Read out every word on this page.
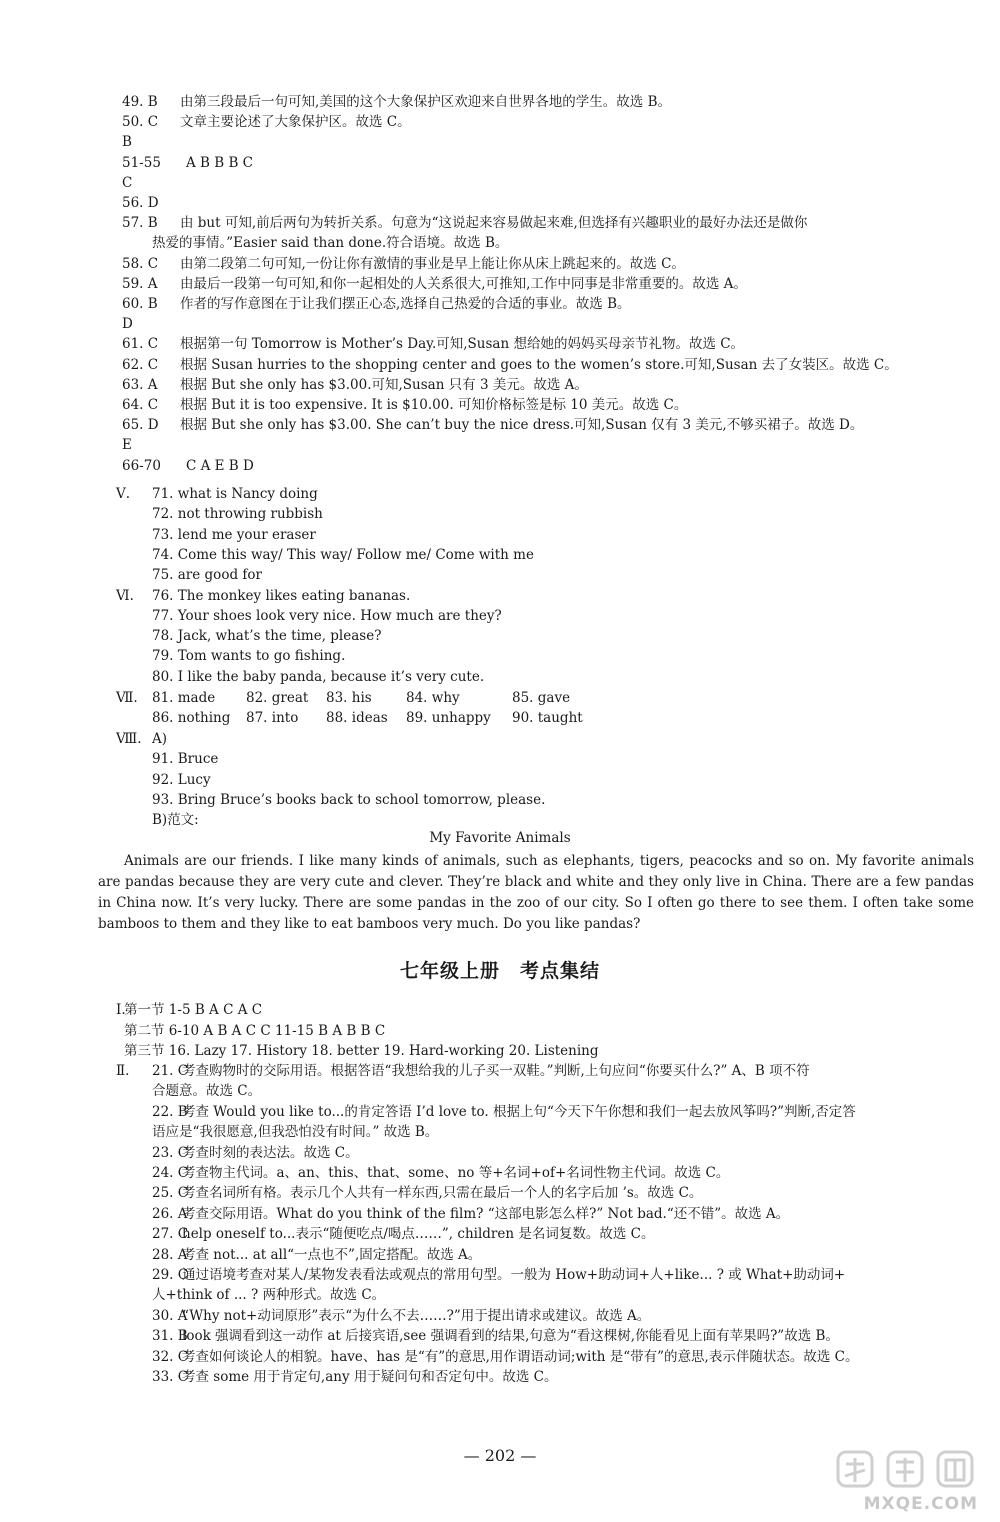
49. B 由第三段最后一句可知,美国的这个大象保护区欢迎来自世界各地的学生。故选 B。
50. C 文章主要论述了大象保护区。故选 C。
B
51-55 A B B B C
C
56. D
57. B 由 but 可知,前后两句为转折关系。句意为“这说起来容易做起来难,但选择有兴趣职业的最好办法还是做你
热爱的事情。”Easier said than done.符合语境。故选 B。
58. C 由第二段第二句可知,一份让你有激情的事业是早上能让你从床上跳起来的。故选 C。
59. A 由最后一段第一句可知,和你一起相处的人关系很大,可推知,工作中同事是非常重要的。故选 A。
60. B 作者的写作意图在于让我们摆正心态,选择自己热爱的合适的事业。故选 B。
D
61. C 根据第一句 Tomorrow is Mother’s Day.可知,Susan 想给她的妈妈买母亲节礼物。故选 C。
62. C 根据 Susan hurries to the shopping center and goes to the women’s store.可知,Susan 去了女装区。故选 C。
63. A 根据 But she only has $3.00.可知,Susan 只有 3 美元。故选 A。
64. C 根据 But it is too expensive. It is $10.00. 可知价格标签是标 10 美元。故选 C。
65. D 根据 But she only has $3.00. She can’t buy the nice dress.可知,Susan 仅有 3 美元,不够买裙子。故选 D。
E
66-70 C A E B D
Ⅴ. 71. what is Nancy doing
72. not throwing rubbish
73. lend me your eraser
74. Come this way/ This way/ Follow me/ Come with me
75. are good for
Ⅵ. 76. The monkey likes eating bananas.
77. Your shoes look very nice. How much are they?
78. Jack, what’s the time, please?
79. Tom wants to go fishing.
80. I like the baby panda, because it’s very cute.
Ⅶ. 81. made 82. great 83. his	84. why	85. gave
86. nothing 87. into 88. ideas 89. unhappy 90. taught
Ⅷ. A)
91. Bruce
92. Lucy
93. Bring Bruce’s books back to school tomorrow, please.
B)范文:
My Favorite Animals
Animals are our friends. I like many kinds of animals, such as elephants, tigers, peacocks and so on. My favorite animals are pandas because they are very cute and clever. They’re black and white and they only live in China. There are a few pandas in China now. It’s very lucky. There are some pandas in the zoo of our city. So I often go there to see them. I often take some bamboos to them and they like to eat bamboos very much. Do you like pandas?
七年级上册　考点集结
Ⅰ.
第一节 1-5 B A C A C
第二节 6-10 A B A C C 11-15 B A B B C
第三节 16. Lazy 17. History 18. better 19. Hard-working 20. Listening
Ⅱ. 21. C
考查购物时的交际用语。根据答语“我想给我的儿子买一双鞋。”判断,上句应问“你要买什么?” A、B 项不符
合题意。故选 C。
22. B
考查 Would you like to...的肯定答语 I’d love to. 根据上句“今天下午你想和我们一起去放风筝吗?”判断,否定答
语应是“我很愿意,但我恐怕没有时间。” 故选 B。
23. C
考查时刻的表达法。故选 C。
24. C
考查物主代词。a、an、this、that、some、no 等+名词+of+名词性物主代词。故选 C。
25. C
考查名词所有格。表示几个人共有一样东西,只需在最后一个人的名字后加 ’s。故选 C。
26. A
考查交际用语。What do you think of the film? “这部电影怎么样?” Not bad.“还不错”。故选 A。
27. C
help oneself to...表示“随便吃点/喝点……”, children 是名词复数。故选 C。
28. A
考查 not... at all“一点也不”,固定搭配。故选 A。
29. C
通过语境考查对某人/某物发表看法或观点的常用句型。一般为 How+助动词+人+like... ? 或 What+助动词+
人+think of ... ? 两种形式。故选 C。
30. A
“Why not+动词原形”表示“为什么不去……?”用于提出请求或建议。故选 A。
31. B
look 强调看到这一动作 at 后接宾语,see 强调看到的结果,句意为“看这棵树,你能看见上面有苹果吗?”故选 B。
32. C
考查如何谈论人的相貌。have、has 是“有”的意思,用作谓语动词;with 是“带有”的意思,表示伴随状态。故选 C。
33. C
考查 some 用于肯定句,any 用于疑问句和否定句中。故选 C。
— 202 —
MXQE.COM
